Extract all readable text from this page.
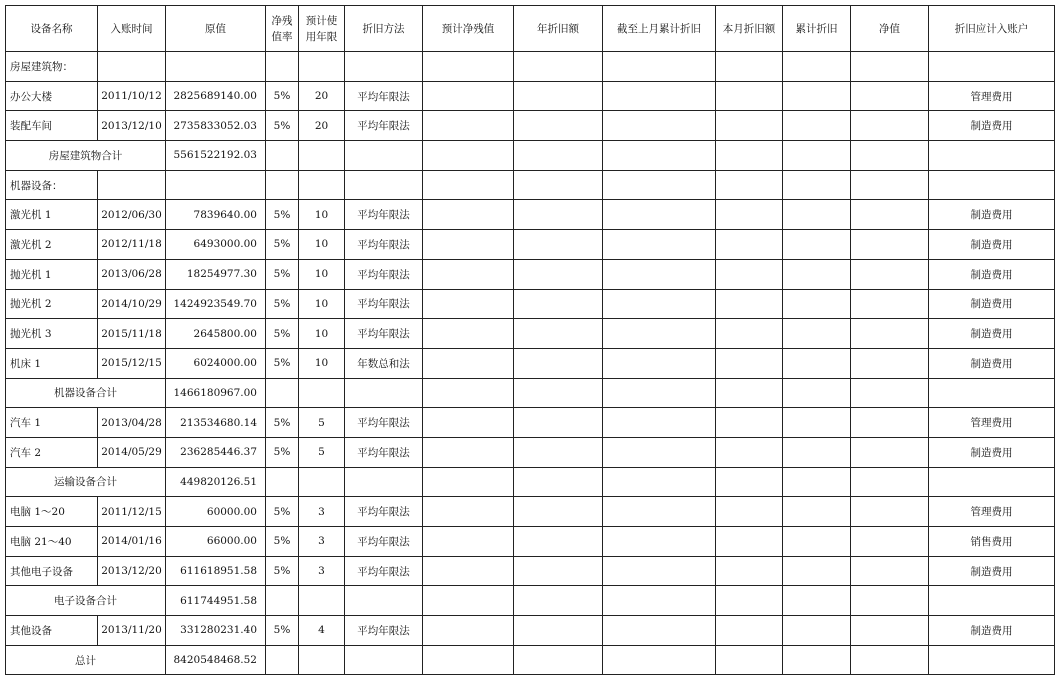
设备名称	入账时间	原值	净残值率	预计使用年限	折旧方法	预计净残值	年折旧额	截至上月累计折旧	本月折旧额	累计折旧	净值	折旧应计入账户
房屋建筑物：												
办公大楼	2011/10/12	2825689140.00	5%	20	平均年限法							管理费用
装配车间	2013/12/10	2735833052.03	5%	20	平均年限法							制造费用
房屋建筑物合计		5561522192.03										
机器设备：												
激光机 1	2012/06/30	7839640.00	5%	10	平均年限法							制造费用
激光机 2	2012/11/18	6493000.00	5%	10	平均年限法							制造费用
抛光机 1	2013/06/28	18254977.30	5%	10	平均年限法							制造费用
抛光机 2	2014/10/29	1424923549.70	5%	10	平均年限法							制造费用
抛光机 3	2015/11/18	2645800.00	5%	10	平均年限法							制造费用
机床 1	2015/12/15	6024000.00	5%	10	年数总和法							制造费用
机器设备合计		1466180967.00										
汽车 1	2013/04/28	213534680.14	5%	5	平均年限法							管理费用
汽车 2	2014/05/29	236285446.37	5%	5	平均年限法							制造费用
运输设备合计		449820126.51										
电脑 1～20	2011/12/15	60000.00	5%	3	平均年限法							管理费用
电脑 21～40	2014/01/16	66000.00	5%	3	平均年限法							销售费用
其他电子设备	2013/12/20	611618951.58	5%	3	平均年限法							制造费用
电子设备合计		611744951.58										
其他设备	2013/11/20	331280231.40	5%	4	平均年限法							制造费用
总计		8420548468.52										
